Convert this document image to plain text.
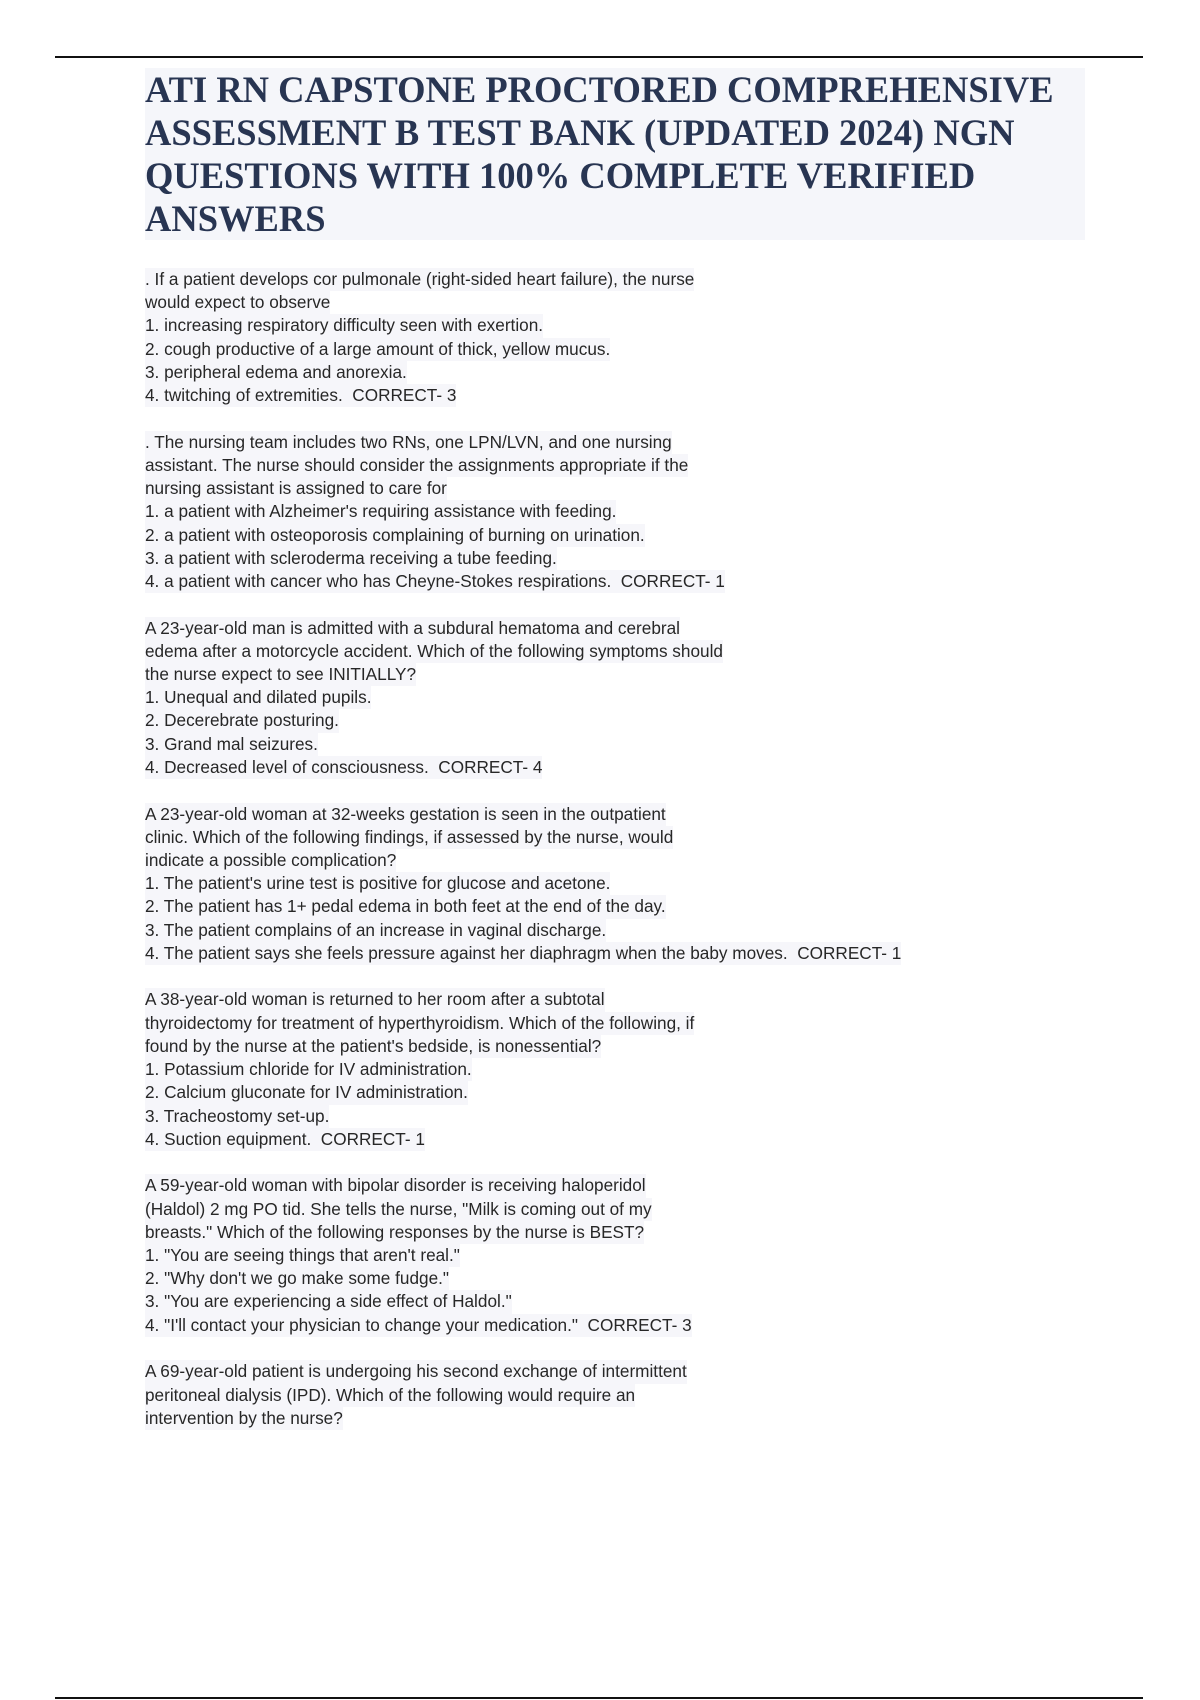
ATI RN CAPSTONE PROCTORED COMPREHENSIVE
ASSESSMENT B TEST BANK (UPDATED 2024) NGN
QUESTIONS WITH 100% COMPLETE VERIFIED
ANSWERS
. If a patient develops cor pulmonale (right-sided heart failure), the nurse
would expect to observe
1. increasing respiratory difficulty seen with exertion.
2. cough productive of a large amount of thick, yellow mucus.
3. peripheral edema and anorexia.
4. twitching of extremities.  CORRECT- 3
. The nursing team includes two RNs, one LPN/LVN, and one nursing
assistant. The nurse should consider the assignments appropriate if the
nursing assistant is assigned to care for
1. a patient with Alzheimer's requiring assistance with feeding.
2. a patient with osteoporosis complaining of burning on urination.
3. a patient with scleroderma receiving a tube feeding.
4. a patient with cancer who has Cheyne-Stokes respirations.  CORRECT- 1
A 23-year-old man is admitted with a subdural hematoma and cerebral
edema after a motorcycle accident. Which of the following symptoms should
the nurse expect to see INITIALLY?
1. Unequal and dilated pupils.
2. Decerebrate posturing.
3. Grand mal seizures.
4. Decreased level of consciousness.  CORRECT- 4
A 23-year-old woman at 32-weeks gestation is seen in the outpatient
clinic. Which of the following findings, if assessed by the nurse, would
indicate a possible complication?
1. The patient's urine test is positive for glucose and acetone.
2. The patient has 1+ pedal edema in both feet at the end of the day.
3. The patient complains of an increase in vaginal discharge.
4. The patient says she feels pressure against her diaphragm when the baby moves.  CORRECT- 1
A 38-year-old woman is returned to her room after a subtotal
thyroidectomy for treatment of hyperthyroidism. Which of the following, if
found by the nurse at the patient's bedside, is nonessential?
1. Potassium chloride for IV administration.
2. Calcium gluconate for IV administration.
3. Tracheostomy set-up.
4. Suction equipment.  CORRECT- 1
A 59-year-old woman with bipolar disorder is receiving haloperidol
(Haldol) 2 mg PO tid. She tells the nurse, "Milk is coming out of my
breasts." Which of the following responses by the nurse is BEST?
1. "You are seeing things that aren't real."
2. "Why don't we go make some fudge."
3. "You are experiencing a side effect of Haldol."
4. "I'll contact your physician to change your medication."  CORRECT- 3
A 69-year-old patient is undergoing his second exchange of intermittent
peritoneal dialysis (IPD). Which of the following would require an
intervention by the nurse?
